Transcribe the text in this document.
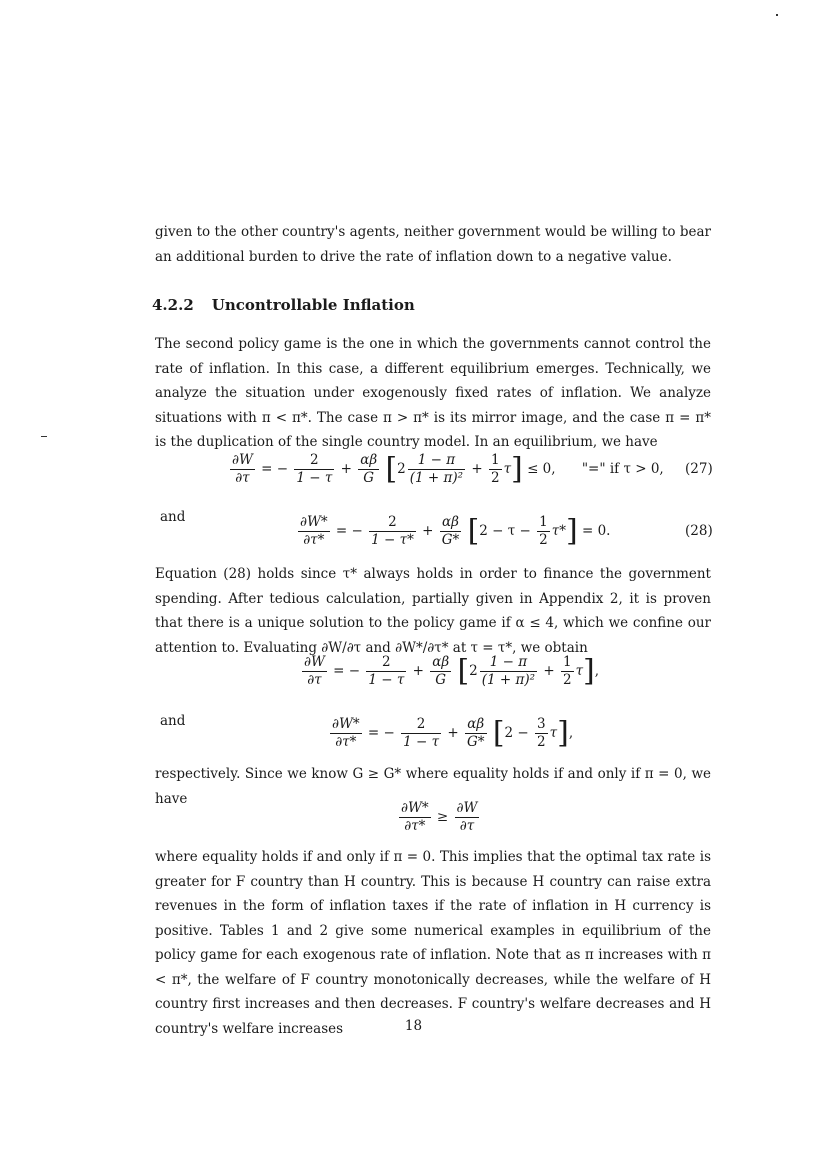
given to the other country's agents, neither government would be willing to bear an additional burden to drive the rate of inflation down to a negative value.

4.2.2 Uncontrollable Inflation

The second policy game is the one in which the governments cannot control the rate of inflation. In this case, a different equilibrium emerges. Technically, we analyze the situation under exogenously fixed rates of inflation. We analyze situations with π < π*. The case π > π* is its mirror image, and the case π = π* is the duplication of the single country model. In an equilibrium, we have

$\frac{\partial W}{\partial\tau}$ = − $\frac{2}{1 - \tau} + \frac{\alpha\beta}{G} [2 \frac{1 - \pi}{\text{(1 + π)²}} + \frac{1}{2} \tau] \le 0$, "=" if τ > 0, (27)
and	$\frac{\partial W*}{\partial\tau*}$ = − $\frac{2}{1 - \tau*} + \frac{\alpha\beta}{G*} [2 - \tau - \frac{1}{2} \tau*] = 0$.	(28)

Equation (28) holds since τ* always holds in order to finance the government spending. After tedious calculation, partially given in Appendix 2, it is proven that there is a unique solution to the policy game if α ≤ 4, which we confine our attention to. Evaluating ∂W/∂τ and ∂W*/∂τ* at τ = τ*, we obtain

$\frac{\partial W}{\partial\tau}$ = − $\frac{2}{1 - \tau} + \frac{\alpha\beta}{G} [2 \frac{1 - \pi}{\text{(1 + π)²}} + \frac{1}{2} \tau]$,
and	$\frac{\partial W*}{\partial\tau*}$ = − $\frac{2}{1 - \tau} + \frac{\alpha\beta}{G*} [2 - \frac{3}{2} \tau]$,

respectively. Since we know G ≥ G* where equality holds if and only if π = 0, we have

$\frac{\partial W*}{\partial\tau*} \ge \frac{\partial W}{\partial\tau}$

where equality holds if and only if π = 0. This implies that the optimal tax rate is greater for F country than H country. This is because H country can raise extra revenues in the form of inflation taxes if the rate of inflation in H currency is positive. Tables 1 and 2 give some numerical examples in equilibrium of the policy game for each exogenous rate of inflation. Note that as π increases with π < π*, the welfare of F country monotonically decreases, while the welfare of H country first increases and then decreases. F country's welfare decreases and H country's welfare increases	18
